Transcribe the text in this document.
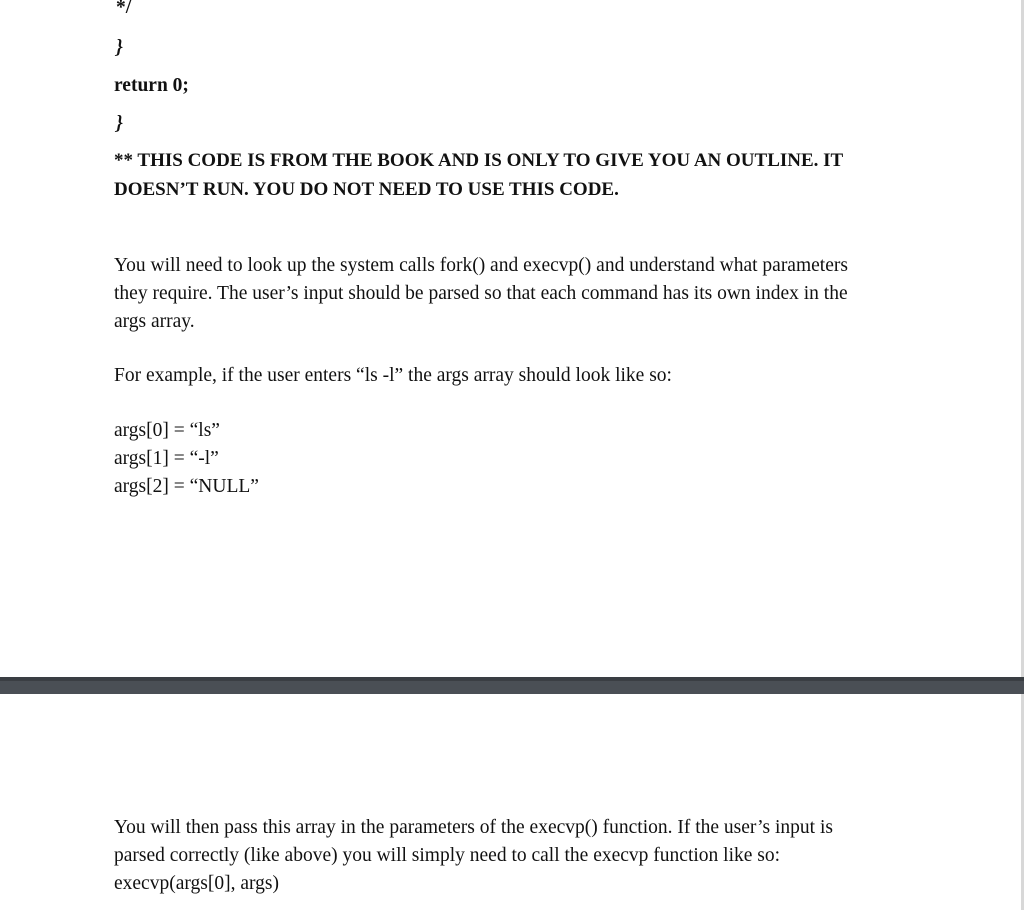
*/
}
return 0;
}
** THIS CODE IS FROM THE BOOK AND IS ONLY TO GIVE YOU AN OUTLINE. IT
DOESN’T RUN. YOU DO NOT NEED TO USE THIS CODE.
You will need to look up the system calls fork() and execvp() and understand what parameters
they require. The user’s input should be parsed so that each command has its own index in the
args array.
For example, if the user enters “ls -l” the args array should look like so:
args[0] = “ls”
args[1] = “-l”
args[2] = “NULL”
You will then pass this array in the parameters of the execvp() function. If the user’s input is
parsed correctly (like above) you will simply need to call the execvp function like so:
execvp(args[0], args)
